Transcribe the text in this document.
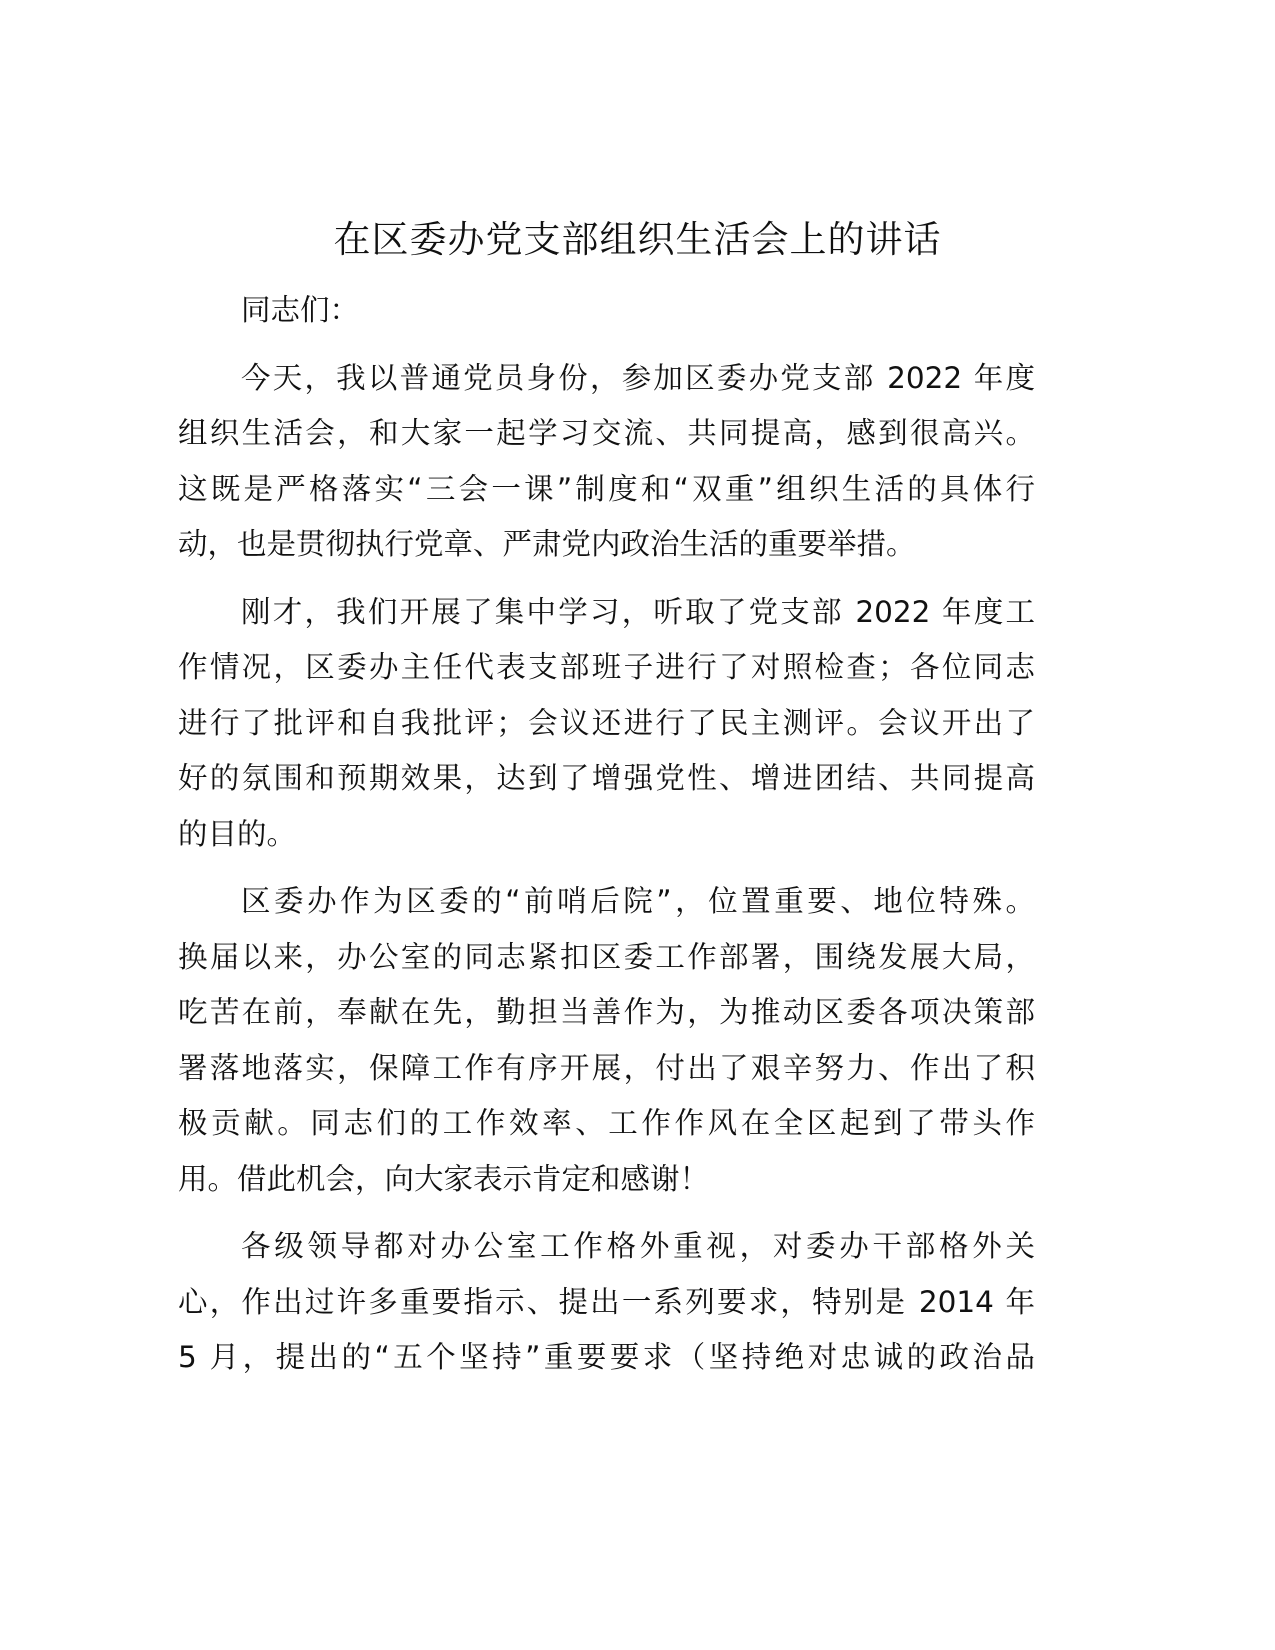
在区委办党支部组织生活会上的讲话
同志们：
今天，我以普通党员身份，参加区委办党支部 2022 年度
组织生活会，和大家一起学习交流、共同提高，感到很高兴。
这既是严格落实“三会一课”制度和“双重”组织生活的具体行
动，也是贯彻执行党章、严肃党内政治生活的重要举措。
刚才，我们开展了集中学习，听取了党支部 2022 年度工
作情况，区委办主任代表支部班子进行了对照检查；各位同志
进行了批评和自我批评；会议还进行了民主测评。会议开出了
好的氛围和预期效果，达到了增强党性、增进团结、共同提高
的目的。
区委办作为区委的“前哨后院”，位置重要、地位特殊。
换届以来，办公室的同志紧扣区委工作部署，围绕发展大局，
吃苦在前，奉献在先，勤担当善作为，为推动区委各项决策部
署落地落实，保障工作有序开展，付出了艰辛努力、作出了积
极贡献。同志们的工作效率、工作作风在全区起到了带头作
用。借此机会，向大家表示肯定和感谢！
各级领导都对办公室工作格外重视，对委办干部格外关
心，作出过许多重要指示、提出一系列要求，特别是 2014 年
5 月，提出的“五个坚持”重要要求（坚持绝对忠诚的政治品
